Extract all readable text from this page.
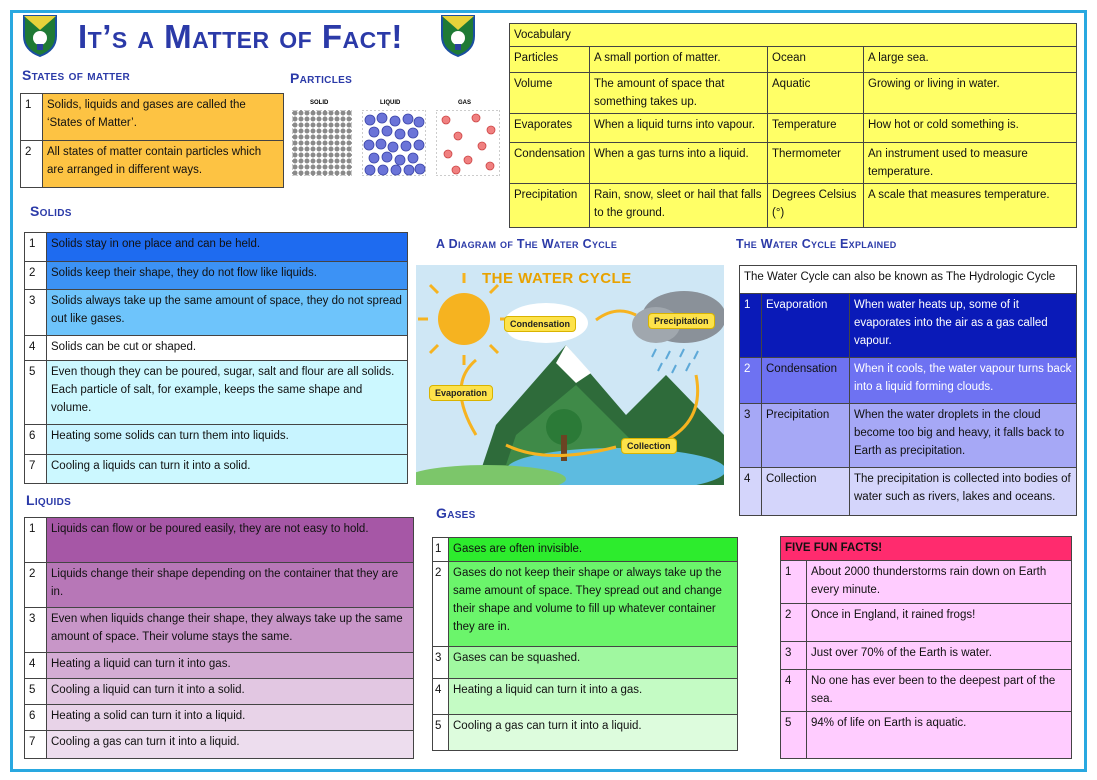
It’s a Matter of Fact!
States of matter	Particles
1	Solids, liquids and gases are called the ‘States of Matter’.
2	All states of matter contain particles which are arranged in different ways.
SOLID	LIQUID	GAS
Vocabulary			
Particles	A small portion of matter.	Ocean	A large sea.
Volume	The amount of space that something takes up.	Aquatic	Growing or living in water.
Evaporates	When a liquid turns into vapour.	Temperature	How hot or cold something is.
Condensation	When a gas turns into a liquid.	Thermometer	An instrument used to measure temperature.
Precipitation	Rain, snow, sleet or hail that falls to the ground.	Degrees Celsius (°)	A scale that measures temperature.
Solids
1	Solids stay in one place and can be held.
2	Solids keep their shape, they do not flow like liquids.
3	Solids always take up the same amount of space, they do not spread out like gases.
4	Solids can be cut or shaped.
5	Even though they can be poured, sugar, salt and flour are all solids. Each particle of salt, for example, keeps the same shape and volume.
6	Heating some solids can turn them into liquids.
7	Cooling a liquids can turn it into a solid.
A Diagram of The Water Cycle	The Water Cycle Explained
THE WATER CYCLE
Condensation	Precipitation
Evaporation
Collection
The Water Cycle can also be known as The Hydrologic Cycle		
1	Evaporation	When water heats up, some of it evaporates into the air as a gas called vapour.
2	Condensation	When it cools, the water vapour turns back into a liquid forming clouds.
3	Precipitation	When the water droplets in the cloud become too big and heavy, it falls back to Earth as precipitation.
4	Collection	The precipitation is collected into bodies of water such as rivers, lakes and oceans.
Liquids
Gases
1	Liquids can flow or be poured easily, they are not easy to hold.
2	Liquids change their shape depending on the container that they are in.
3	Even when liquids change their shape, they always take up the same amount of space. Their volume stays the same.
4	Heating a liquid can turn it into gas.
5	Cooling a liquid can turn it into a solid.
6	Heating a solid can turn it into a liquid.
7	Cooling a gas can turn it into a liquid.
1	Gases are often invisible.
2	Gases do not keep their shape or always take up the same amount of space. They spread out and change their shape and volume to fill up whatever container they are in.
3	Gases can be squashed.
4	Heating a liquid can turn it into a gas.
5	Cooling a gas can turn it into a liquid.
FIVE FUN FACTS!	
1	About 2000 thunderstorms rain down on Earth every minute.
2	Once in England, it rained frogs!
3	Just over 70% of the Earth is water.
4	No one has ever been to the deepest part of the sea.
5	94% of life on Earth is aquatic.
